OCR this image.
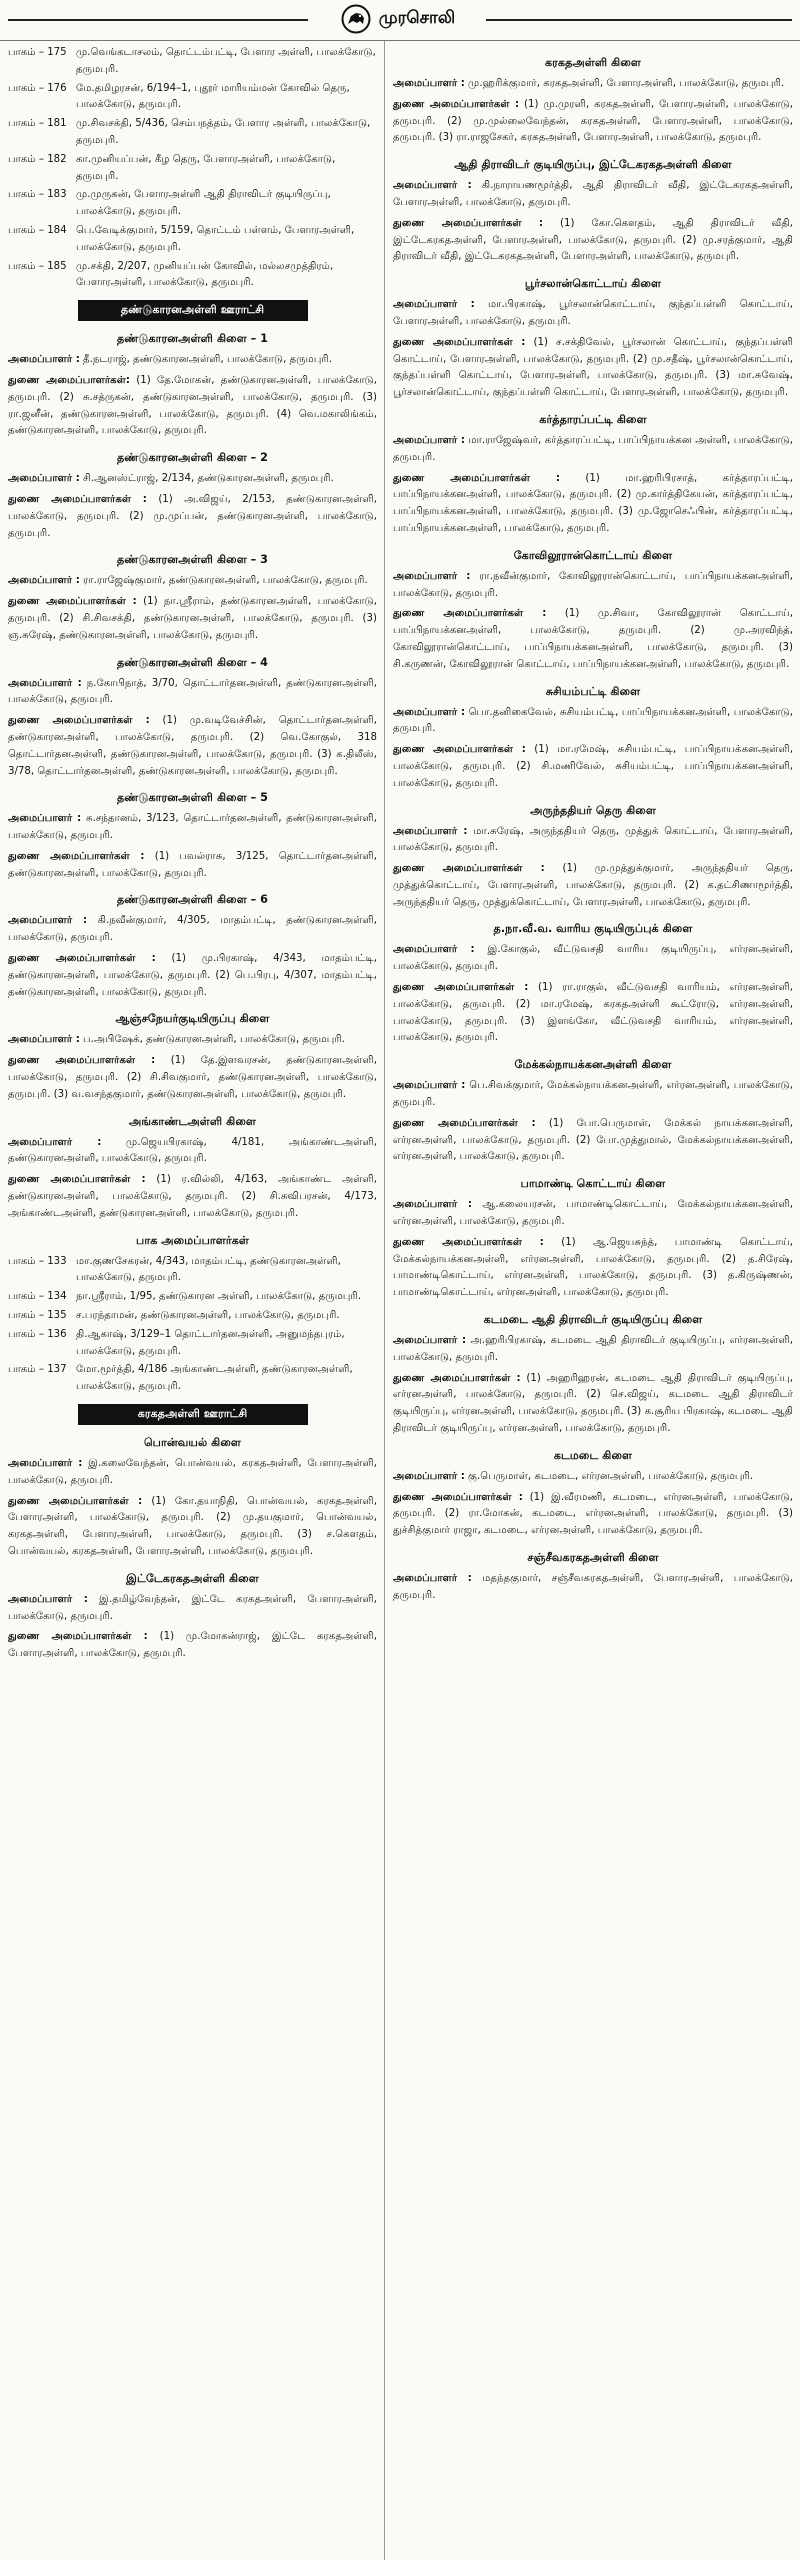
முரசொலி
பாகம் – 175 மு.வெங்கடாசலம், தொட்டம்பட்டி, பேளார அள்ளி, பாலக்கோடு, தருமபுரி.
பாகம் – 176 மே.தமிழரசன், 6/194–1, புதூர் மாரியம்மன் கோவில் தெரு, பாலக்கோடு, தருமபுரி.
பாகம் – 181 மு.சிவசக்தி, 5/436, செம்பநத்தம், பேளார அள்ளி, பாலக்கோடு, தருமபுரி.
பாகம் – 182 கா.முனியப்பன், கீழ தெரு, பேளாரஅள்ளி, பாலக்கோடு, தருமபுரி.
பாகம் – 183 மு.முருகன், பேளாரஅள்ளி ஆதி திராவிடர் குடியிருப்பு, பாலக்கோடு, தருமபுரி.
பாகம் – 184 பெ.வேடிக்குமார், 5/159, தொட்டம் பள்ளம், பேளாரஅள்ளி, பாலக்கோடு, தருமபுரி.
பாகம் – 185 மு.சக்தி, 2/207, முனியப்பன் கோவில், மல்லசமுத்திரம், பேளாரஅள்ளி, பாலக்கோடு, தருமபுரி.
தண்டுகாரனஅள்ளி ஊராட்சி
தண்டுகாரனஅள்ளி கிளை – 1

அமைப்பாளர் : தீ.நடராஜ், தண்டுகாரனஅள்ளி, பாலக்கோடு, தருமபுரி.

துணை அமைப்பாளர்கள்: (1) தே.மோகன், தண்டுகாரனஅள்ளி, பாலக்கோடு, தருமபுரி. (2) சு.சத்ருகன், தண்டுகாரனஅள்ளி, பாலக்கோடு, தருமபுரி. (3) ரா.ஜனீன், தண்டுகாரனஅள்ளி, பாலக்கோடு, தருமபுரி. (4) வெ.மகாலிங்கம், தண்டுகாரனஅள்ளி, பாலக்கோடு, தருமபுரி.

தண்டுகாரனஅள்ளி கிளை – 2

அமைப்பாளர் : சி.ஆனஸ்ட்ராஜ், 2/134, தண்டுகாரனஅள்ளி, தருமபுரி.

துணை அமைப்பாளர்கள் : (1) அ.விஜய், 2/153, தண்டுகாரனஅள்ளி, பாலக்கோடு, தருமபுரி. (2) மு.முப்பன், தண்டுகாரனஅள்ளி, பாலக்கோடு, தருமபுரி.

தண்டுகாரனஅள்ளி கிளை – 3

அமைப்பாளர் : ரா.ராஜேஷ்குமார், தண்டுகாரனஅள்ளி, பாலக்கோடு, தருமபுரி.

துணை அமைப்பாளர்கள் : (1) நா.ஸ்ரீராம், தண்டுகாரனஅள்ளி, பாலக்கோடு, தருமபுரி. (2) சி.சிவசக்தி, தண்டுகாரனஅள்ளி, பாலக்கோடு, தருமபுரி. (3) ஞ.சுரேஷ், தண்டுகாரனஅள்ளி, பாலக்கோடு, தருமபுரி.

தண்டுகாரனஅள்ளி கிளை – 4

அமைப்பாளர் : ந.கோபிநாத், 3/70, தொட்டார்தனஅள்ளி, தண்டுகாரனஅள்ளி, பாலக்கோடு, தருமபுரி.

துணை அமைப்பாளர்கள் : (1) மு.வடிவேச்சின், தொட்டார்தனஅள்ளி, தண்டுகாரனஅள்ளி, பாலக்கோடு, தருமபுரி. (2) வெ.கோகுல், 318 தொட்டார்தனஅள்ளி, தண்டுகாரனஅள்ளி, பாலக்கோடு, தருமபுரி. (3) க.திலீஸ், 3/78, தொட்டார்தனஅள்ளி, தண்டுகாரனஅள்ளி, பாலக்கோடு, தருமபுரி.

தண்டுகாரனஅள்ளி கிளை – 5

அமைப்பாளர் : சு.சந்தானம், 3/123, தொட்டார்தனஅள்ளி, தண்டுகாரனஅள்ளி, பாலக்கோடு, தருமபுரி.

துணை அமைப்பாளர்கள் : (1) பவல்ராசு, 3/125, தொட்டார்தனஅள்ளி, தண்டுகாரனஅள்ளி, பாலக்கோடு, தருமபுரி.

தண்டுகாரனஅள்ளி கிளை – 6

அமைப்பாளர் : கி.நவீன்குமார், 4/305, மாதம்பட்டி, தண்டுகாரனஅள்ளி, பாலக்கோடு, தருமபுரி.

துணை அமைப்பாளர்கள் : (1) மு.பிரகாஷ், 4/343, மாதம்பட்டி, தண்டுகாரனஅள்ளி, பாலக்கோடு, தருமபுரி. (2) பெ.பிரபு, 4/307, மாதம்பட்டி, தண்டுகாரனஅள்ளி, பாலக்கோடு, தருமபுரி.

ஆஞ்சநேயர்குடியிருப்பு கிளை

அமைப்பாளர் : ப.அபிஷேக், தண்டுகாரனஅள்ளி, பாலக்கோடு, தருமபுரி.

துணை அமைப்பாளர்கள் : (1) தே.இளவரசன், தண்டுகாரனஅள்ளி, பாலக்கோடு, தருமபுரி. (2) சி.சிவகுமார், தண்டுகாரனஅள்ளி, பாலக்கோடு, தருமபுரி. (3) வ.வசந்தகுமார், தண்டுகாரனஅள்ளி, பாலக்கோடு, தருமபுரி.

அங்காண்டஅள்ளி கிளை

அமைப்பாளர் : மு.ஜெயபிரகாஷ், 4/181, அங்காண்டஅள்ளி, தண்டுகாரனஅள்ளி, பாலக்கோடு, தருமபுரி.

துணை அமைப்பாளர்கள் : (1) ர.வில்லி, 4/163, அங்காண்ட அள்ளி, தண்டுகாரனஅள்ளி, பாலக்கோடு, தருமபுரி. (2) சி.சுவிபரசன், 4/173, அங்காண்டஅள்ளி, தண்டுகாரனஅள்ளி, பாலக்கோடு, தருமபுரி.

பாக அமைப்பாளர்கள்
பாகம் – 133 மா.குணசேகரன், 4/343, மாதம்பட்டி, தண்டுகாரனஅள்ளி, பாலக்கோடு, தருமபுரி.
பாகம் – 134 நா.ஸ்ரீராம், 1/95, தண்டுகாரன அள்ளி, பாலக்கோடு, தருமபுரி.
பாகம் – 135 ச.பரந்தாமன், தண்டுகாரனஅள்ளி, பாலக்கோடு, தருமபுரி.
பாகம் – 136 தி.ஆகாஷ், 3/129–1 தொட்டார்தனஅள்ளி, அனுமந்தபுரம், பாலக்கோடு, தருமபுரி.
பாகம் – 137 மோ.மூர்த்தி, 4/186 அங்காண்டஅள்ளி, தண்டுகாரனஅள்ளி, பாலக்கோடு, தருமபுரி.
கரகதஅள்ளி ஊராட்சி
பொன்வயல் கிளை

அமைப்பாளர் : இ.கலைவேந்தன், பொன்வயல், கரகதஅள்ளி, பேளாரஅள்ளி, பாலக்கோடு, தருமபுரி.

துணை அமைப்பாளர்கள் : (1) கோ.தயாநிதி, பொன்வயல், கரகதஅள்ளி, பேளாரஅள்ளி, பாலக்கோடு, தருமபுரி. (2) மு.தயகுமார், பொன்வயல், கரகதஅள்ளி, பேளாரஅள்ளி, பாலக்கோடு, தருமபுரி. (3) ச.கௌதம், பொன்வயல், கரகதஅள்ளி, பேளாரஅள்ளி, பாலக்கோடு, தருமபுரி.

இட்டேகரகதஅள்ளி கிளை

அமைப்பாளர் : இ.தமிழ்வேந்தன், இட்டே கரகதஅள்ளி, பேளாரஅள்ளி, பாலக்கோடு, தருமபுரி.

துணை அமைப்பாளர்கள் : (1) மு.மோகன்ராஜ், இட்டே கரகதஅள்ளி, பேளாரஅள்ளி, பாலக்கோடு, தருமபுரி.

கரகதஅள்ளி கிளை

அமைப்பாளர் : மு.ஹரிக்குமார், கரகதஅள்ளி, பேளாரஅள்ளி, பாலக்கோடு, தருமபுரி.

துணை அமைப்பாளர்கள் : (1) மு.முரளி, கரகதஅள்ளி, பேளாரஅள்ளி, பாலக்கோடு, தருமபுரி. (2) மு.முல்லைவேந்தன், கரகதஅள்ளி, பேளாரஅள்ளி, பாலக்கோடு, தருமபுரி. (3) ரா.ராஜசேகர், கரகதஅள்ளி, பேளாரஅள்ளி, பாலக்கோடு, தருமபுரி.

ஆதி திராவிடர் குடியிருப்பு, இட்டேகரகதஅள்ளி கிளை

அமைப்பாளர் : கி.நாராயணமூர்த்தி, ஆதி திராவிடர் வீதி, இட்டேகரகதஅள்ளி, பேளாரஅள்ளி, பாலக்கோடு, தருமபுரி.

துணை அமைப்பாளர்கள் : (1) கோ.கௌதம், ஆதி திராவிடர் வீதி, இட்டேகரகதஅள்ளி, பேளாரஅள்ளி, பாலக்கோடு, தருமபுரி. (2) மு.சரத்குமார், ஆதி திராவிடர் வீதி, இட்டேகரகதஅள்ளி, பேளாரஅள்ளி, பாலக்கோடு, தருமபுரி.

பூர்சலான்கொட்டாய் கிளை

அமைப்பாளர் : மா.பிரகாஷ், பூர்சலான்கொட்டாய், குந்தப்பள்ளி கொட்டாய், பேளாரஅள்ளி, பாலக்கோடு, தருமபுரி.

துணை அமைப்பாளர்கள் : (1) ச.சக்திவேல், பூர்சலான் கொட்டாய், குந்தப்பள்ளி கொட்டாய், பேளாரஅள்ளி, பாலக்கோடு, தருமபுரி. (2) மு.சதீஷ், பூர்சலான்கொட்டாய், குந்தப்பள்ளி கொட்டாய், பேளாரஅள்ளி, பாலக்கோடு, தருமபுரி. (3) மா.சுவேஷ், பூர்சலான்கொட்டாய், குந்தப்பள்ளி கொட்டாய், பேளாரஅள்ளி, பாலக்கோடு, தருமபுரி.

கர்த்தாரப்பட்டி கிளை

அமைப்பாளர் : மா.ராஜேஷ்வர், கர்த்தாரப்பட்டி, பாப்பிநாயக்கன அள்ளி, பாலக்கோடு, தருமபுரி.

துணை அமைப்பாளர்கள் : (1) மா.ஹரிபிரசாத், கர்த்தாரப்பட்டி, பாப்பிநாயக்கனஅள்ளி, பாலக்கோடு, தருமபுரி. (2) மு.கார்த்திகேயன், கர்த்தாரப்பட்டி, பாப்பிநாயக்கனஅள்ளி, பாலக்கோடு, தருமபுரி. (3) மு.ஜோசெஃபின், கர்த்தாரப்பட்டி, பாப்பிநாயக்கனஅள்ளி, பாலக்கோடு, தருமபுரி.

கோவிலூரான்கொட்டாய் கிளை

அமைப்பாளர் : ரா.நவீன்குமார், கோவிலூரான்கொட்டாய், பாப்பிநாயக்கனஅள்ளி, பாலக்கோடு, தருமபுரி.

துணை அமைப்பாளர்கள் : (1) மு.சிவா, கோவிலூரான் கொட்டாய், பாப்பிநாயக்கனஅள்ளி, பாலக்கோடு, தருமபுரி. (2) மு.அரவிந்த், கோவிலூரான்கொட்டாய், பாப்பிநாயக்கனஅள்ளி, பாலக்கோடு, தருமபுரி. (3) சி.கருணன், கோவிலூரான் கொட்டாய், பாப்பிநாயக்கனஅள்ளி, பாலக்கோடு, தருமபுரி.

சுசியம்பட்டி கிளை

அமைப்பாளர் : பொ.தனிகைவேல், சுசியம்பட்டி, பாப்பிநாயக்கனஅள்ளி, பாலக்கோடு, தருமபுரி.

துணை அமைப்பாளர்கள் : (1) மா.ரமேஷ், சுசியம்பட்டி, பாப்பிநாயக்கனஅள்ளி, பாலக்கோடு, தருமபுரி. (2) சி.மணிவேல், சுசியம்பட்டி, பாப்பிநாயக்கனஅள்ளி, பாலக்கோடு, தருமபுரி.

அருந்ததியர் தெரு கிளை

அமைப்பாளர் : மா.சுரேஷ், அருந்ததியர் தெரு, முத்துக் கொட்டாய், பேளாரஅள்ளி, பாலக்கோடு, தருமபுரி.

துணை அமைப்பாளர்கள் : (1) மு.முத்துக்குமார், அருந்ததியர் தெரு, முத்துக்கொட்டாய், பேளாரஅள்ளி, பாலக்கோடு, தருமபுரி. (2) க.தட்சிணாமூர்த்தி, அருந்ததியர் தெரு, முத்துக்கொட்டாய், பேளாரஅள்ளி, பாலக்கோடு, தருமபுரி.

த.நா.வீ.வ. வாரிய குடியிருப்புக் கிளை

அமைப்பாளர் : இ.கோகுல், வீட்டுவசதி வாரிய குடியிருப்பு, எர்ரனஅள்ளி, பாலக்கோடு, தருமபுரி.

துணை அமைப்பாளர்கள் : (1) ரா.ராகுல், வீட்டுவசதி வாரியம், எர்ரனஅள்ளி, பாலக்கோடு, தருமபுரி. (2) மா.ரமேஷ், கரகதஅள்ளி கூட்ரோடு, எர்ரனஅள்ளி, பாலக்கோடு, தருமபுரி. (3) இளங்கோ, வீட்டுவசதி வாரியம், எர்ரனஅள்ளி, பாலக்கோடு, தருமபுரி.

மேக்கல்நாயக்கனஅள்ளி கிளை

அமைப்பாளர் : பெ.சிவக்குமார், மேக்கல்நாயக்கனஅள்ளி, எர்ரனஅள்ளி, பாலக்கோடு, தருமபுரி.

துணை அமைப்பாளர்கள் : (1) போ.பெருமாள், மேக்கல் நாயக்கனஅள்ளி, எர்ரனஅள்ளி, பாலக்கோடு, தருமபுரி. (2) போ.முத்துமால், மேக்கல்நாயக்கனஅள்ளி, எர்ரனஅள்ளி, பாலக்கோடு, தருமபுரி.

பாமாண்டி கொட்டாய் கிளை

அமைப்பாளர் : ஆ.கலையரசன், பாமாண்டிகொட்டாய், மேக்கல்நாயக்கனஅள்ளி, எர்ரனஅள்ளி, பாலக்கோடு, தருமபுரி.

துணை அமைப்பாளர்கள் : (1) ஆ.ஜெயசுந்த், பாமாண்டி கொட்டாய், மேக்கல்நாயக்கனஅள்ளி, எர்ரனஅள்ளி, பாலக்கோடு, தருமபுரி. (2) த.சிரேஷ், பாமாண்டிகொட்டாய், எர்ரனஅள்ளி, பாலக்கோடு, தருமபுரி. (3) த.கிருஷ்ணன், பாமாண்டிகொட்டாய், எர்ரனஅள்ளி, பாலக்கோடு, தருமபுரி.

கடமடை ஆதி திராவிடர் குடியிருப்பு கிளை

அமைப்பாளர் : அ.ஹரிபிரகாஷ், கடமடை ஆதி திராவிடர் குடியிருப்பு, எர்ரனஅள்ளி, பாலக்கோடு, தருமபுரி.

துணை அமைப்பாளர்கள் : (1) அஹரிஹரன், கடமடை ஆதி திராவிடர் குடியிருப்பு, எர்ரனஅள்ளி, பாலக்கோடு, தருமபுரி. (2) செ.விஜய், கடமடை ஆதி திராவிடர் குடியிருப்பு, எர்ரனஅள்ளி, பாலக்கோடு, தருமபுரி. (3) க.சூரிய பிரகாஷ், கடமடை ஆதி திராவிடர் குடியிருப்பு, எர்ரனஅள்ளி, பாலக்கோடு, தருமபுரி.

கடமடை கிளை

அமைப்பாளர் : கு.பெருமாள், கடமடை, எர்ரனஅள்ளி, பாலக்கோடு, தருமபுரி.

துணை அமைப்பாளர்கள் : (1) இ.வீரமணி, கடமடை, எர்ரனஅள்ளி, பாலக்கோடு, தருமபுரி. (2) ரா.மோகன், கடமடை, எர்ரனஅள்ளி, பாலக்கோடு, தருமபுரி. (3) துச்சித்குமார் ராஜா, கடமடை, எர்ரனஅள்ளி, பாலக்கோடு, தருமபுரி.

சஞ்சீவகரகதஅள்ளி கிளை

அமைப்பாளர் : மதந்தகுமார், சஞ்சீவகரகதஅள்ளி, பேளாரஅள்ளி, பாலக்கோடு, தருமபுரி.
